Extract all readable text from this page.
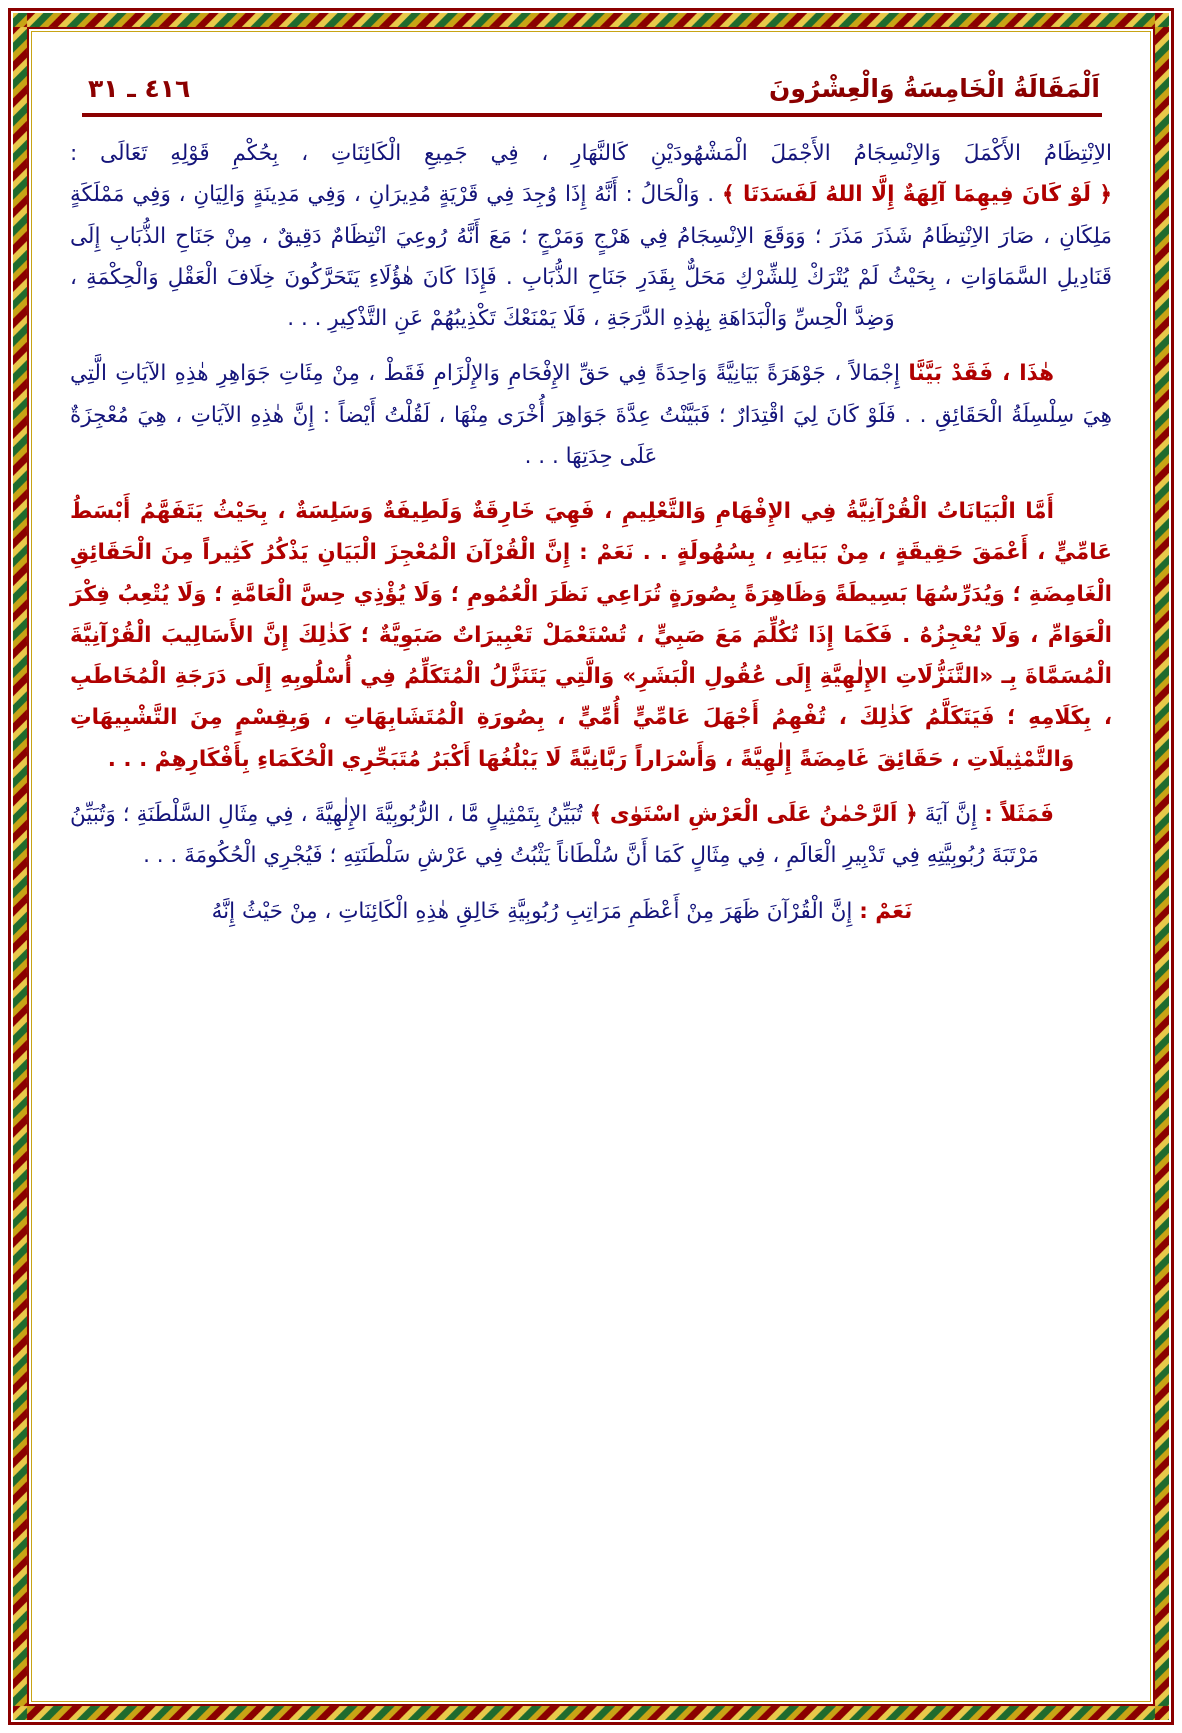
اَلْمَقَالَةُ الْخَامِسَةُ وَالْعِشْرُونَ
٤١٦ ـ ٣١

الاِنْتِظَامُ الأَكْمَلَ وَالاِنْسِجَامُ الأَجْمَلَ الْمَشْهُودَيْنِ كَالنَّهَارِ ، فِي جَمِيعِ الْكَائِنَاتِ ، بِحُكْمِ قَوْلِهِ تَعَالَى : ﴿ لَوْ كَانَ فِيهِمَا آلِهَةٌ إِلَّا اللهُ لَفَسَدَتَا ﴾ . وَالْحَالُ : أَنَّهُ إِذَا وُجِدَ فِي قَرْيَةٍ مُدِيرَانِ ، وَفِي مَدِينَةٍ وَالِيَانِ ، وَفِي مَمْلَكَةٍ مَلِكَانِ ، صَارَ الاِنْتِظَامُ شَذَرَ مَذَرَ ؛ وَوَقَعَ الاِنْسِجَامُ فِي هَرْجٍ وَمَرْجٍ ؛ مَعَ أَنَّهُ رُوعِيَ انْتِظَامٌ دَقِيقٌ ، مِنْ جَنَاحِ الذُّبَابِ إِلَى قَنَادِيلِ السَّمَاوَاتِ ، بِحَيْثُ لَمْ يُتْرَكْ لِلشِّرْكِ مَحَلٌّ بِقَدَرِ جَنَاحِ الذُّبَابِ . فَإِذَا كَانَ هٰؤُلَاءِ يَتَحَرَّكُونَ خِلَافَ الْعَقْلِ وَالْحِكْمَةِ ، وَضِدَّ الْحِسِّ وَالْبَدَاهَةِ بِهٰذِهِ الدَّرَجَةِ ، فَلَا يَمْنَعْكَ تَكْذِيبُهُمْ عَنِ التَّذْكِيرِ . . .

هٰذَا ، فَقَدْ بَيَّنَّا إِجْمَالاً ، جَوْهَرَةً بَيَانِيَّةً وَاحِدَةً فِي حَقِّ الإِفْحَامِ وَالإِلْزَامِ فَقَطْ ، مِنْ مِئَاتِ جَوَاهِرِ هٰذِهِ الآيَاتِ الَّتِي هِيَ سِلْسِلَةُ الْحَقَائِقِ . . فَلَوْ كَانَ لِيَ اقْتِدَارٌ ؛ فَبَيَّنْتُ عِدَّةَ جَوَاهِرَ أُخْرَى مِنْهَا ، لَقُلْتُ أَيْضاً : إِنَّ هٰذِهِ الآيَاتِ ، هِيَ مُعْجِزَةٌ عَلَى حِدَتِهَا . . .

أَمَّا الْبَيَانَاتُ الْقُرْآنِيَّةُ فِي الإِفْهَامِ وَالتَّعْلِيمِ ، فَهِيَ خَارِقَةٌ وَلَطِيفَةٌ وَسَلِسَةٌ ، بِحَيْثُ يَتَفَهَّمُ أَبْسَطُ عَامِّيٍّ ، أَعْمَقَ حَقِيقَةٍ ، مِنْ بَيَانِهِ ، بِسُهُولَةٍ . . نَعَمْ : إِنَّ الْقُرْآنَ الْمُعْجِزَ الْبَيَانِ يَذْكُرُ كَثِيراً مِنَ الْحَقَائِقِ الْغَامِضَةِ ؛ وَيُدَرِّسُهَا بَسِيطَةً وَظَاهِرَةً بِصُورَةٍ تُرَاعِي نَظَرَ الْعُمُومِ ؛ وَلَا يُؤْذِي حِسَّ الْعَامَّةِ ؛ وَلَا يُتْعِبُ فِكْرَ الْعَوَامِّ ، وَلَا يُعْجِزُهُ . فَكَمَا إِذَا تُكُلِّمَ مَعَ صَبِيٍّ ، تُسْتَعْمَلْ تَعْبِيرَاتٌ صَبَوِيَّةٌ ؛ كَذٰلِكَ إِنَّ الأَسَالِيبَ الْقُرْآنِيَّةَ الْمُسَمَّاةَ بِـ «التَّنَزُّلَاتِ الإِلٰهِيَّةِ إِلَى عُقُولِ الْبَشَرِ» وَالَّتِي يَتَنَزَّلُ الْمُتَكَلِّمُ فِي أُسْلُوبِهِ إِلَى دَرَجَةِ الْمُخَاطَبِ ، بِكَلَامِهِ ؛ فَيَتَكَلَّمُ كَذٰلِكَ ، تُفْهِمُ أَجْهَلَ عَامِّيٍّ أُمِّيٍّ ، بِصُورَةِ الْمُتَشَابِهَاتِ ، وَبِقِسْمٍ مِنَ التَّشْبِيهَاتِ وَالتَّمْثِيلَاتِ ، حَقَائِقَ غَامِضَةً إِلٰهِيَّةً ، وَأَسْرَاراً رَبَّانِيَّةً لَا يَبْلُغُهَا أَكْبَرُ مُتَبَحِّرِي الْحُكَمَاءِ بِأَفْكَارِهِمْ . . .

فَمَثَلاً : إِنَّ آيَةَ ﴿ اَلرَّحْمٰنُ عَلَى الْعَرْشِ اسْتَوٰى ﴾ تُبَيِّنُ بِتَمْثِيلٍ مَّا ، الرُّبُوبِيَّةَ الإِلٰهِيَّةَ ، فِي مِثَالِ السَّلْطَنَةِ ؛ وَتُبَيِّنُ مَرْتَبَةَ رُبُوبِيَّتِهِ فِي تَدْبِيرِ الْعَالَمِ ، فِي مِثَالٍ كَمَا أَنَّ سُلْطَاناً يَثْبُتُ فِي عَرْشِ سَلْطَنَتِهِ ؛ فَيُجْرِي الْحُكُومَةَ . . .

نَعَمْ : إِنَّ الْقُرْآنَ ظَهَرَ مِنْ أَعْظَمِ مَرَاتِبِ رُبُوبِيَّةِ خَالِقِ هٰذِهِ الْكَائِنَاتِ ، مِنْ حَيْثُ إِنَّهُ
